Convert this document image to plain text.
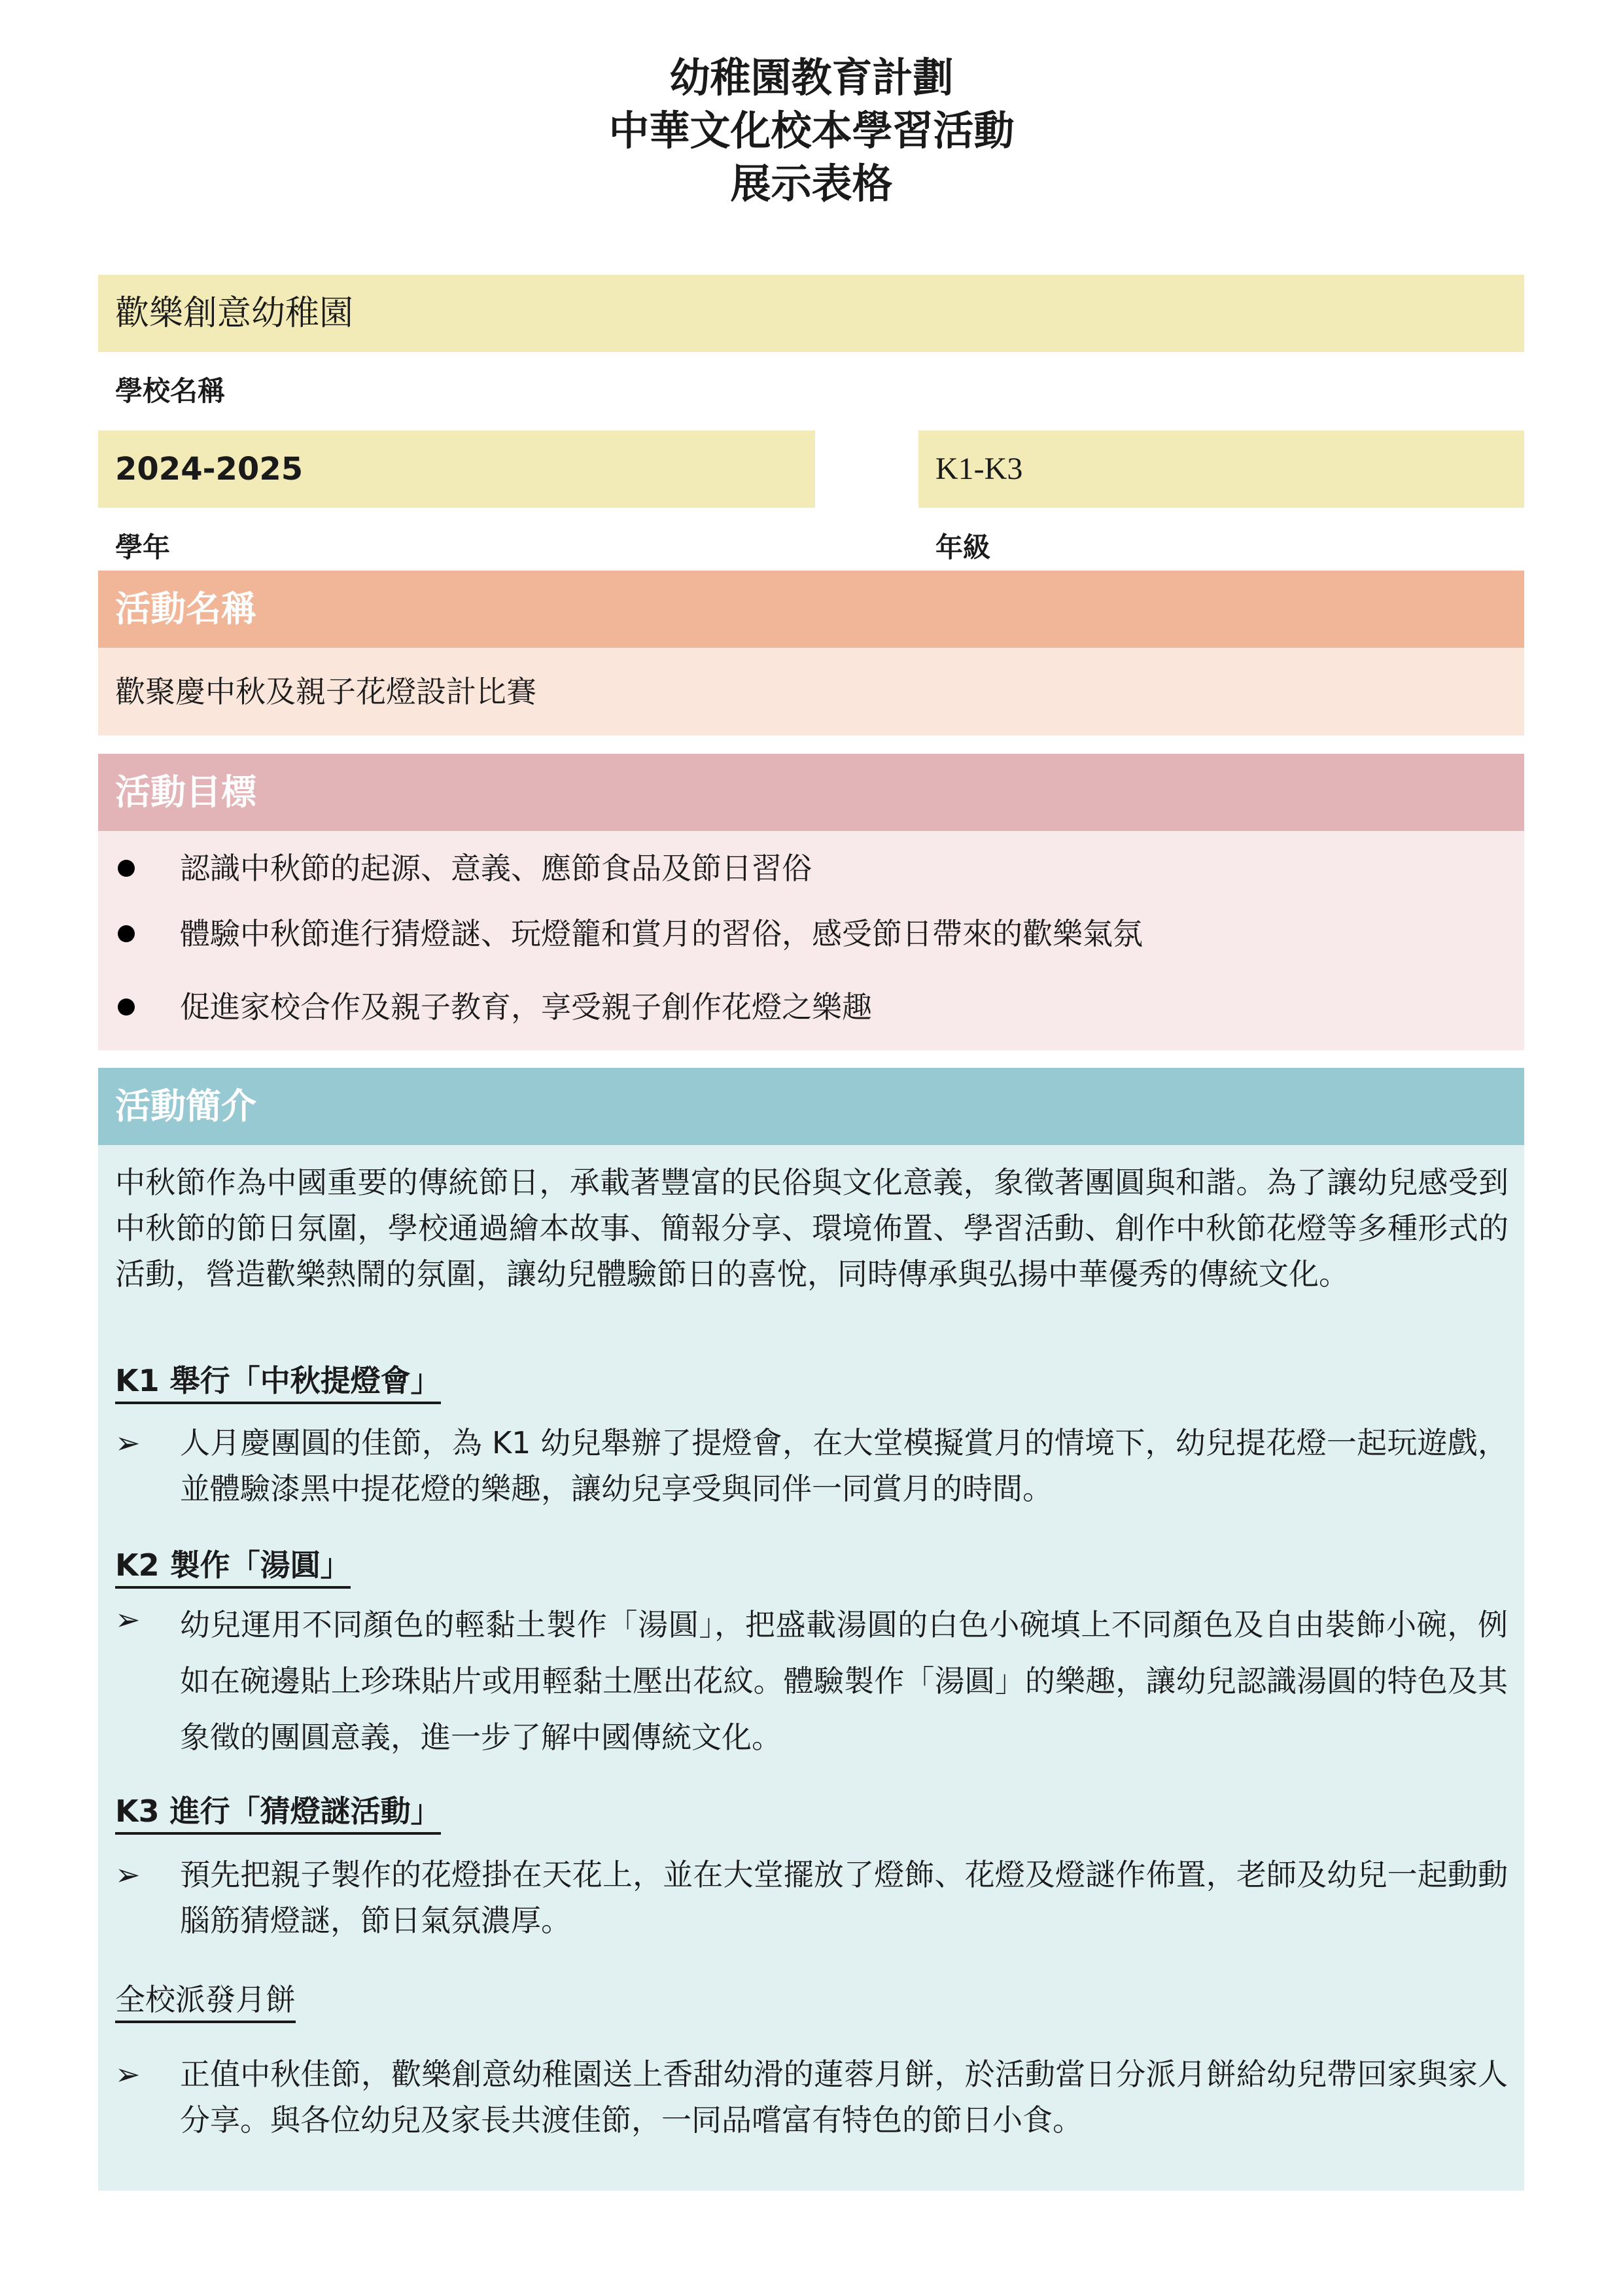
幼稚園教育計劃
中華文化校本學習活動
展示表格
歡樂創意幼稚園
學校名稱
2024-2025	K1-K3
學年	年級
活動名稱
歡聚慶中秋及親子花燈設計比賽
活動目標
認識中秋節的起源、意義、應節食品及節日習俗
體驗中秋節進行猜燈謎、玩燈籠和賞月的習俗，感受節日帶來的歡樂氣氛
促進家校合作及親子教育，享受親子創作花燈之樂趣
活動簡介
中秋節作為中國重要的傳統節日，承載著豐富的民俗與文化意義，象徵著團圓與和諧。為了讓幼兒感受到中秋節的節日氛圍，學校通過繪本故事、簡報分享、環境佈置、學習活動、創作中秋節花燈等多種形式的活動，營造歡樂熱鬧的氛圍，讓幼兒體驗節日的喜悅，同時傳承與弘揚中華優秀的傳統文化。
K1 舉行「中秋提燈會」
➢ 人月慶團圓的佳節，為 K1 幼兒舉辦了提燈會，在大堂模擬賞月的情境下，幼兒提花燈一起玩遊戲，並體驗漆黑中提花燈的樂趣，讓幼兒享受與同伴一同賞月的時間。
K2 製作「湯圓」
➢ 幼兒運用不同顏色的輕黏土製作「湯圓」，把盛載湯圓的白色小碗填上不同顏色及自由裝飾小碗，例如在碗邊貼上珍珠貼片或用輕黏土壓出花紋。體驗製作「湯圓」的樂趣，讓幼兒認識湯圓的特色及其象徵的團圓意義，進一步了解中國傳統文化。
K3 進行「猜燈謎活動」
➢ 預先把親子製作的花燈掛在天花上，並在大堂擺放了燈飾、花燈及燈謎作佈置，老師及幼兒一起動動腦筋猜燈謎，節日氣氛濃厚。
全校派發月餅
➢ 正值中秋佳節，歡樂創意幼稚園送上香甜幼滑的蓮蓉月餅，於活動當日分派月餅給幼兒帶回家與家人分享。與各位幼兒及家長共渡佳節，一同品嚐富有特色的節日小食。
